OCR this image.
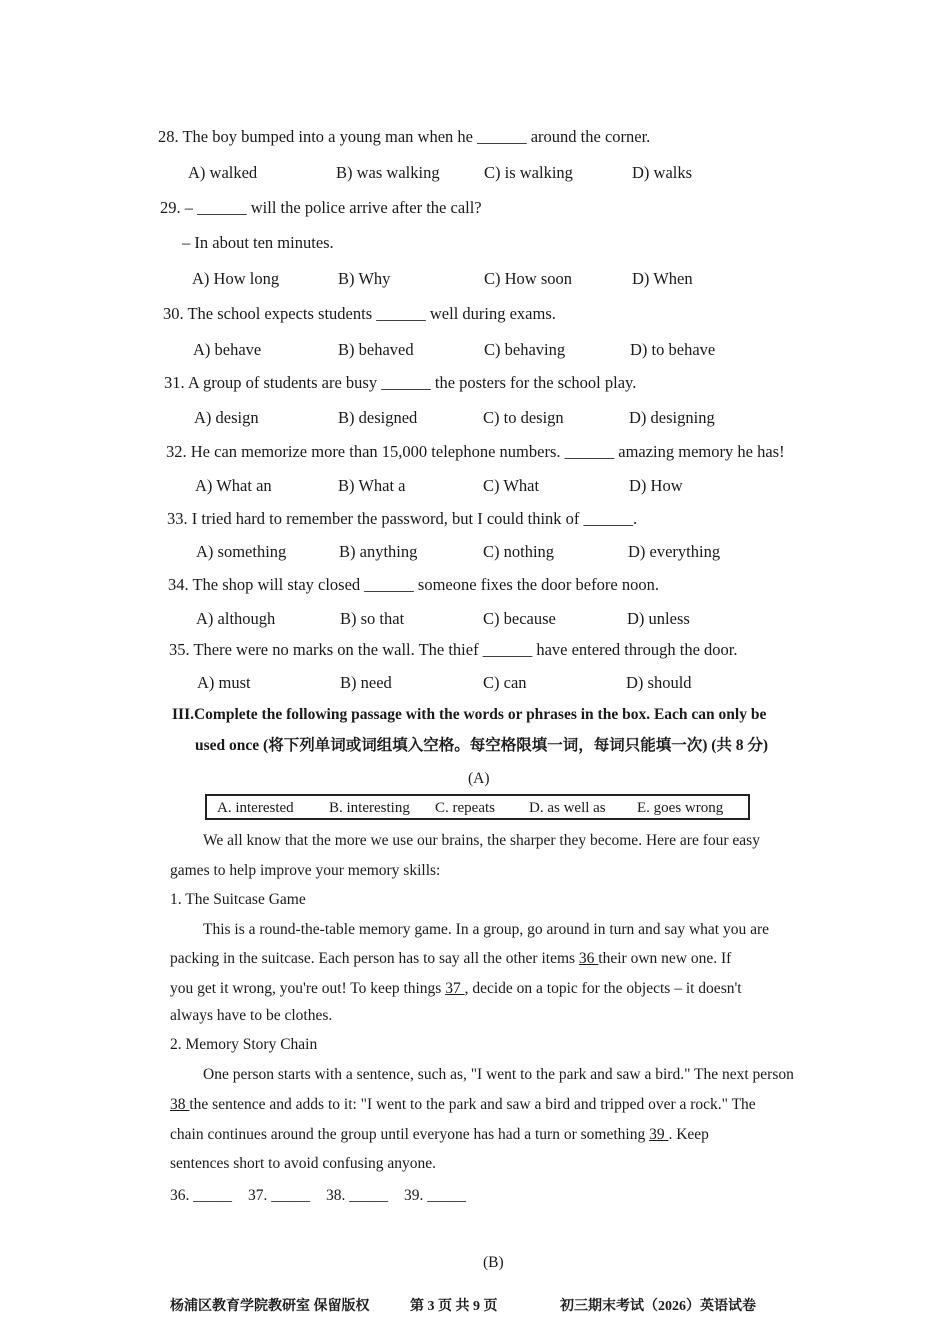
28. The boy bumped into a young man when he ______ around the corner.
A) walked	B) was walking	C) is walking	D) walks
29. – ______ will the police arrive after the call?
– In about ten minutes.
A) How long	B) Why	C) How soon	D) When
30. The school expects students ______ well during exams.
A) behave	B) behaved	C) behaving	D) to behave
31. A group of students are busy ______ the posters for the school play.
A) design	B) designed	C) to design	D) designing
32. He can memorize more than 15,000 telephone numbers. ______ amazing memory he has!
A) What an	B) What a	C) What	D) How
33. I tried hard to remember the password, but I could think of ______.
A) something	B) anything	C) nothing	D) everything
34. The shop will stay closed ______ someone fixes the door before noon.
A) although	B) so that	C) because	D) unless
35. There were no marks on the wall. The thief ______ have entered through the door.
A) must	B) need	C) can	D) should
III.Complete the following passage with the words or phrases in the box. Each can only be
used once (将下列单词或词组填入空格。每空格限填一词，每词只能填一次) (共 8 分)
(A)
A. interested B. interesting C. repeats D. as well as E. goes wrong
We all know that the more we use our brains, the sharper they become. Here are four easy
games to help improve your memory skills:
1. The Suitcase Game
This is a round-the-table memory game. In a group, go around in turn and say what you are
packing in the suitcase. Each person has to say all the other items 36 their own new one. If
you get it wrong, you're out! To keep things 37 , decide on a topic for the objects – it doesn't
always have to be clothes.
2. Memory Story Chain
One person starts with a sentence, such as, "I went to the park and saw a bird." The next person
38 the sentence and adds to it: "I went to the park and saw a bird and tripped over a rock." The
chain continues around the group until everyone has had a turn or something 39 . Keep
sentences short to avoid confusing anyone.
36. _____ 37. _____ 38. _____ 39. _____
(B)
杨浦区教育学院教研室 保留版权	第 3 页 共 9 页	初三期末考试（2026）英语试卷
